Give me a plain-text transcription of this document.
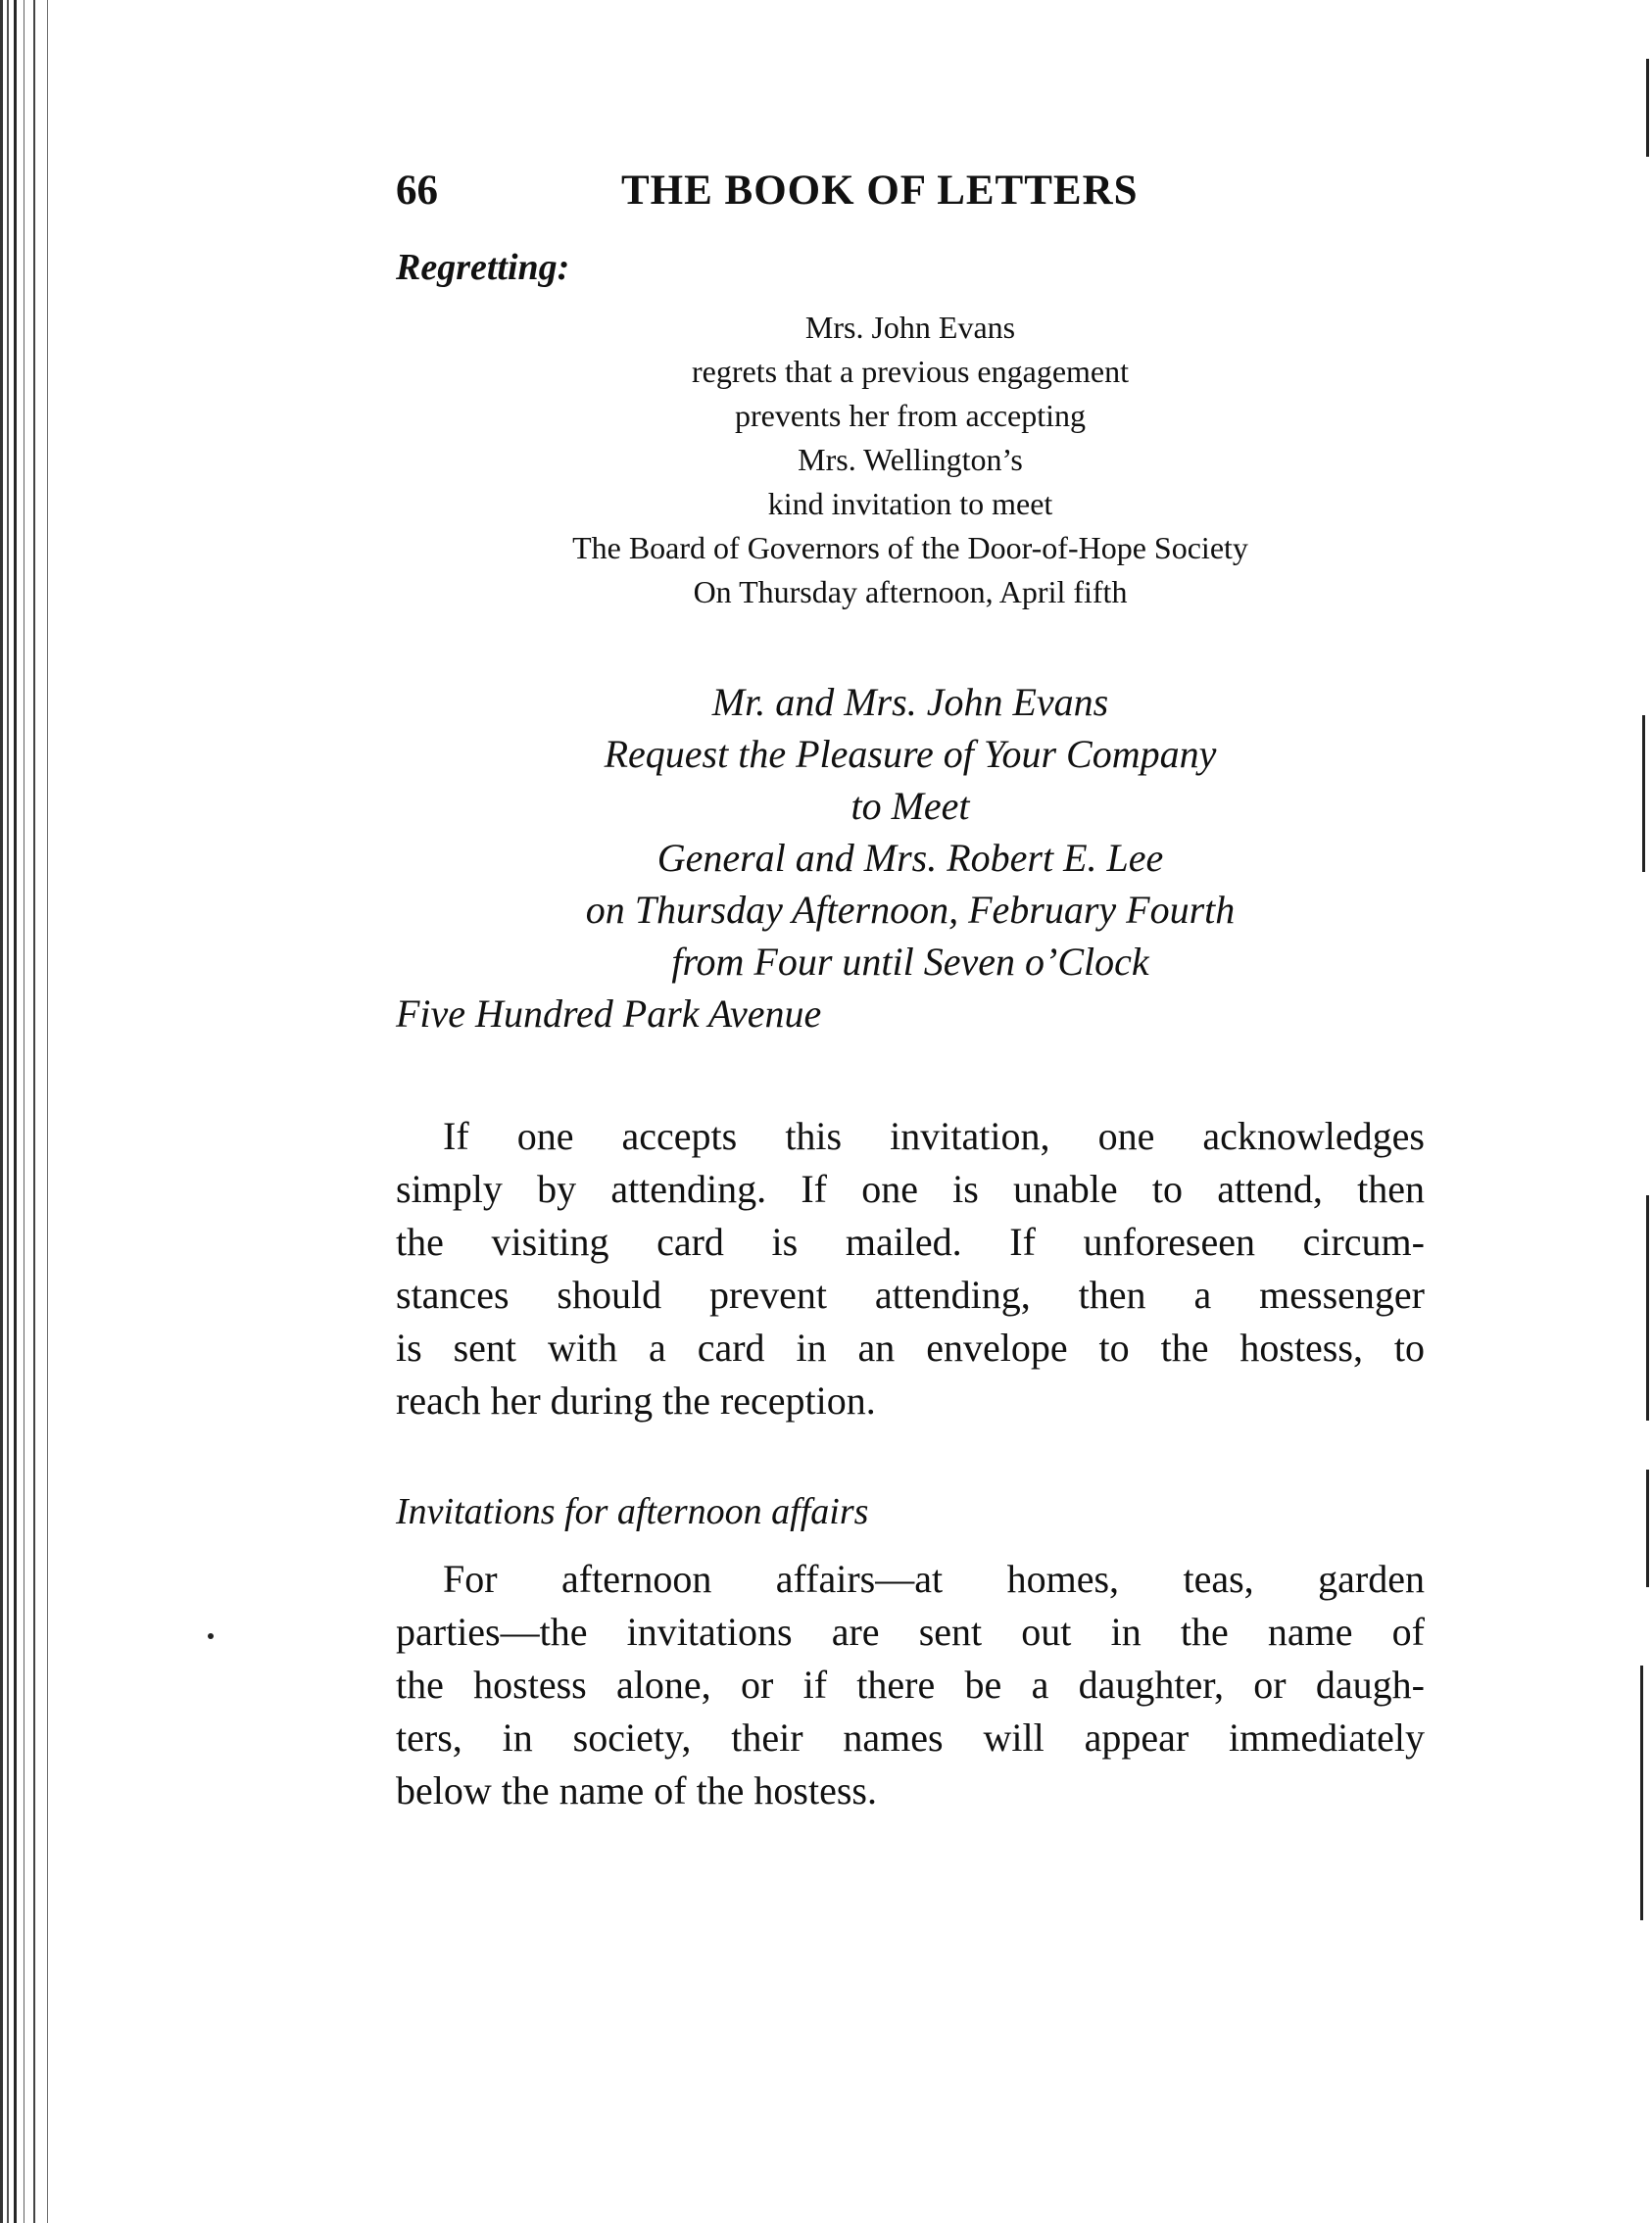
66	THE BOOK OF LETTERS
Regretting:
Mrs. John Evans
regrets that a previous engagement
prevents her from accepting
Mrs. Wellington’s
kind invitation to meet
The Board of Governors of the Door-of-Hope Society
On Thursday afternoon, April fifth
Mr. and Mrs. John Evans
Request the Pleasure of Your Company
to Meet
General and Mrs. Robert E. Lee
on Thursday Afternoon, February Fourth
from Four until Seven o’Clock
Five Hundred Park Avenue
If one accepts this invitation, one acknowledges
simply by attending. If one is unable to attend, then
the visiting card is mailed. If unforeseen circum-
stances should prevent attending, then a messenger
is sent with a card in an envelope to the hostess, to
reach her during the reception.
Invitations for afternoon affairs
For afternoon affairs—at homes, teas, garden
parties—the invitations are sent out in the name of
the hostess alone, or if there be a daughter, or daugh-
ters, in society, their names will appear immediately
below the name of the hostess.
